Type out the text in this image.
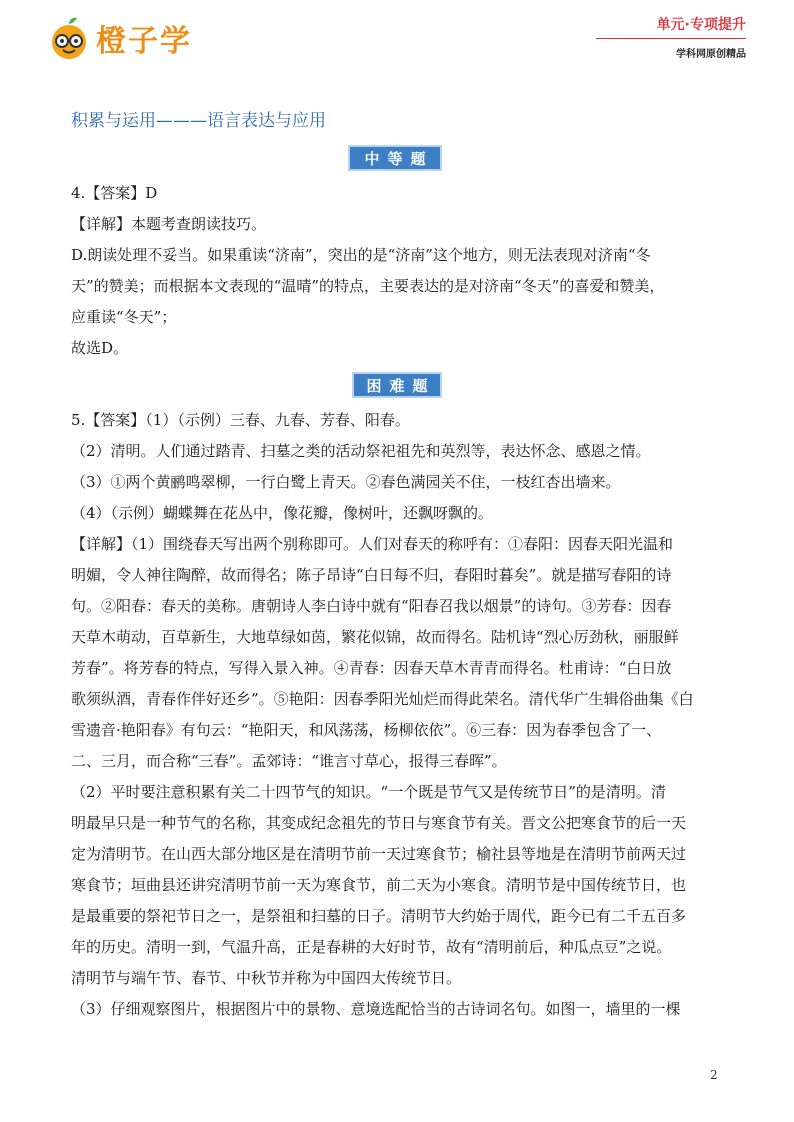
橙子学	单元·专项提升
学科网原创精品
积累与运用———语言表达与应用
中等题

4.【答案】D

【详解】本题考查朗读技巧。

D.朗读处理不妥当。如果重读“济南”，突出的是“济南”这个地方，则无法表现对济南“冬

天”的赞美；而根据本文表现的“温晴”的特点，主要表达的是对济南“冬天”的喜爱和赞美，

应重读“冬天”；

故选D。

困难题

5.【答案】（1）（示例）三春、九春、芳春、阳春。

（2）清明。人们通过踏青、扫墓之类的活动祭祀祖先和英烈等，表达怀念、感恩之情。

（3）①两个黄鹂鸣翠柳，一行白鹭上青天。②春色满园关不住，一枝红杏出墙来。

（4）（示例）蝴蝶舞在花丛中，像花瓣，像树叶，还飘呀飘的。

【详解】（1）围绕春天写出两个别称即可。人们对春天的称呼有：①春阳：因春天阳光温和

明媚，令人神往陶醉，故而得名；陈子昂诗“白日每不归，春阳时暮矣”。就是描写春阳的诗

句。②阳春：春天的美称。唐朝诗人李白诗中就有“阳春召我以烟景”的诗句。③芳春：因春

天草木萌动，百草新生，大地草绿如茵，繁花似锦，故而得名。陆机诗“烈心厉劲秋，丽服鲜

芳春”。将芳春的特点，写得入景入神。④青春：因春天草木青青而得名。杜甫诗：“白日放

歌须纵酒，青春作伴好还乡”。⑤艳阳：因春季阳光灿烂而得此荣名。清代华广生辑俗曲集《白

雪遗音·艳阳春》有句云：“艳阳天，和风荡荡，杨柳依依”。⑥三春：因为春季包含了一、

二、三月，而合称“三春”。孟郊诗：“谁言寸草心，报得三春晖”。

（2）平时要注意积累有关二十四节气的知识。“一个既是节气又是传统节日”的是清明。清

明最早只是一种节气的名称，其变成纪念祖先的节日与寒食节有关。晋文公把寒食节的后一天

定为清明节。在山西大部分地区是在清明节前一天过寒食节；榆社县等地是在清明节前两天过

寒食节；垣曲县还讲究清明节前一天为寒食节，前二天为小寒食。清明节是中国传统节日，也

是最重要的祭祀节日之一，是祭祖和扫墓的日子。清明节大约始于周代，距今已有二千五百多

年的历史。清明一到，气温升高，正是春耕的大好时节，故有“清明前后，种瓜点豆”之说。

清明节与端午节、春节、中秋节并称为中国四大传统节日。

（3）仔细观察图片，根据图片中的景物、意境选配恰当的古诗词名句。如图一，墙里的一棵

2
